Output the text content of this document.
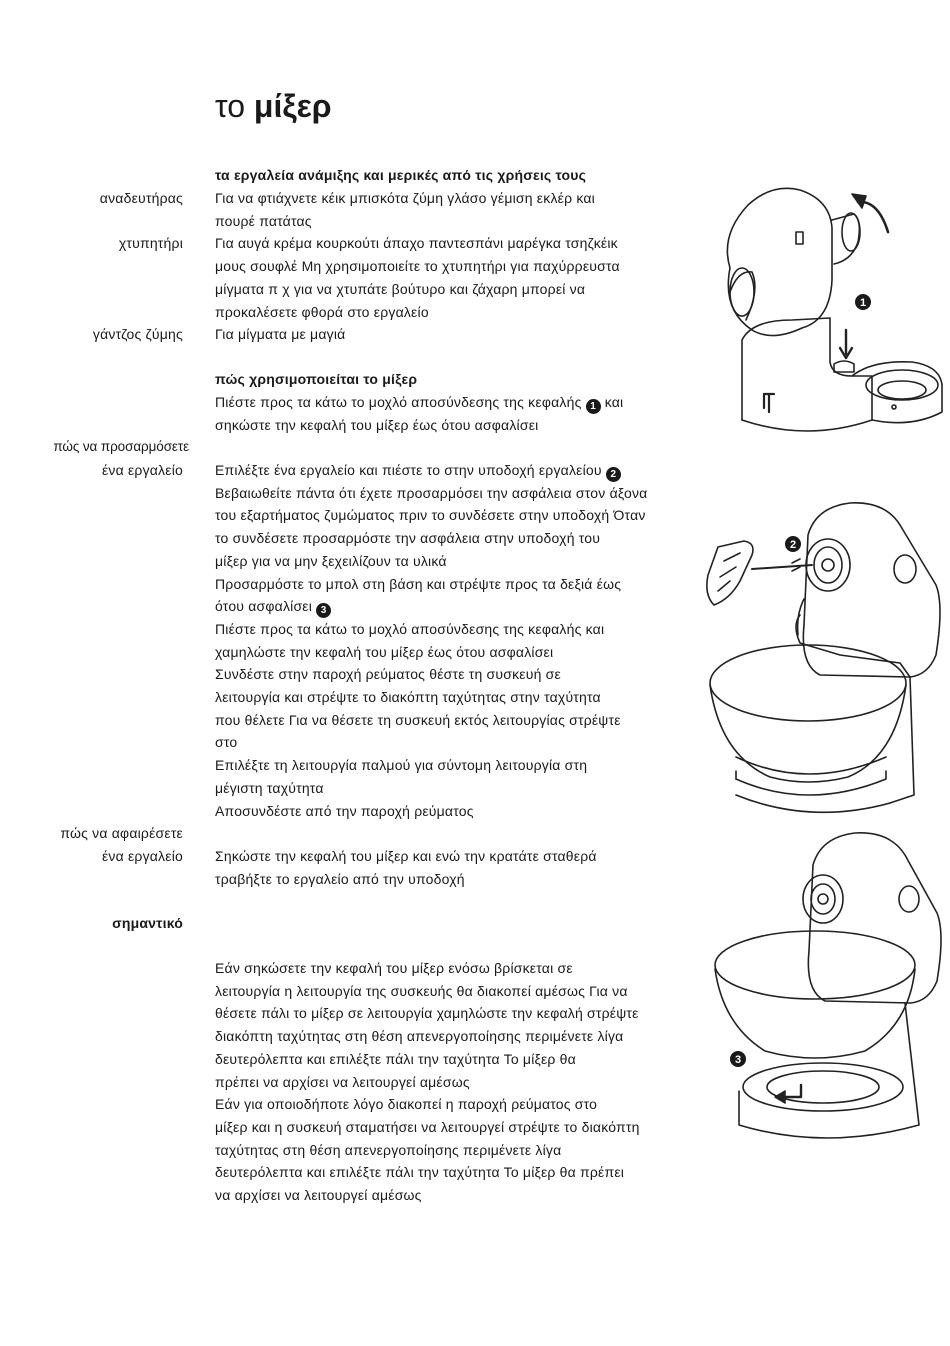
το μίξερ
τα εργαλεία ανάμιξης και μερικές από τις χρήσεις τους
αναδευτήρας Για να φτιάχνετε κέικ μπισκότα ζύμη γλάσο γέμιση εκλέρ και
πουρέ πατάτας
χτυπητήρι Για αυγά κρέμα κουρκούτι άπαχο παντεσπάνι μαρέγκα τσηζκέικ
μους σουφλέ Μη χρησιμοποιείτε το χτυπητήρι για παχύρρευστα
μίγματα π χ για να χτυπάτε βούτυρο και ζάχαρη μπορεί να
προκαλέσετε φθορά στο εργαλείο
γάντζος ζύμης Για μίγματα με μαγιά
πώς χρησιμοποιείται το μίξερ
Πιέστε προς τα κάτω το μοχλό αποσύνδεσης της κεφαλής 1 και
σηκώστε την κεφαλή του μίξερ έως ότου ασφαλίσει
πώς να προσαρμόσετε
ένα εργαλείο Επιλέξτε ένα εργαλείο και πιέστε το στην υποδοχή εργαλείου 2
Βεβαιωθείτε πάντα ότι έχετε προσαρμόσει την ασφάλεια στον άξονα
του εξαρτήματος ζυμώματος πριν το συνδέσετε στην υποδοχή Όταν
το συνδέσετε προσαρμόστε την ασφάλεια στην υποδοχή του
μίξερ για να μην ξεχειλίζουν τα υλικά
Προσαρμόστε το μπολ στη βάση και στρέψτε προς τα δεξιά έως
ότου ασφαλίσει 3
Πιέστε προς τα κάτω το μοχλό αποσύνδεσης της κεφαλής και
χαμηλώστε την κεφαλή του μίξερ έως ότου ασφαλίσει
Συνδέστε στην παροχή ρεύματος θέστε τη συσκευή σε
λειτουργία και στρέψτε το διακόπτη ταχύτητας στην ταχύτητα
που θέλετε Για να θέσετε τη συσκευή εκτός λειτουργίας στρέψτε
στο
Επιλέξτε τη λειτουργία παλμού για σύντομη λειτουργία στη
μέγιστη ταχύτητα
Αποσυνδέστε από την παροχή ρεύματος
πώς να αφαιρέσετε
ένα εργαλείο Σηκώστε την κεφαλή του μίξερ και ενώ την κρατάτε σταθερά
τραβήξτε το εργαλείο από την υποδοχή
σημαντικό
Εάν σηκώσετε την κεφαλή του μίξερ ενόσω βρίσκεται σε
λειτουργία η λειτουργία της συσκευής θα διακοπεί αμέσως Για να
θέσετε πάλι το μίξερ σε λειτουργία χαμηλώστε την κεφαλή στρέψτε
διακόπτη ταχύτητας στη θέση απενεργοποίησης περιμένετε λίγα
δευτερόλεπτα και επιλέξτε πάλι την ταχύτητα Το μίξερ θα
πρέπει να αρχίσει να λειτουργεί αμέσως
Εάν για οποιοδήποτε λόγο διακοπεί η παροχή ρεύματος στο
μίξερ και η συσκευή σταματήσει να λειτουργεί στρέψτε το διακόπτη
ταχύτητας στη θέση απενεργοποίησης περιμένετε λίγα
δευτερόλεπτα και επιλέξτε πάλι την ταχύτητα Το μίξερ θα πρέπει
να αρχίσει να λειτουργεί αμέσως
1
2
3
